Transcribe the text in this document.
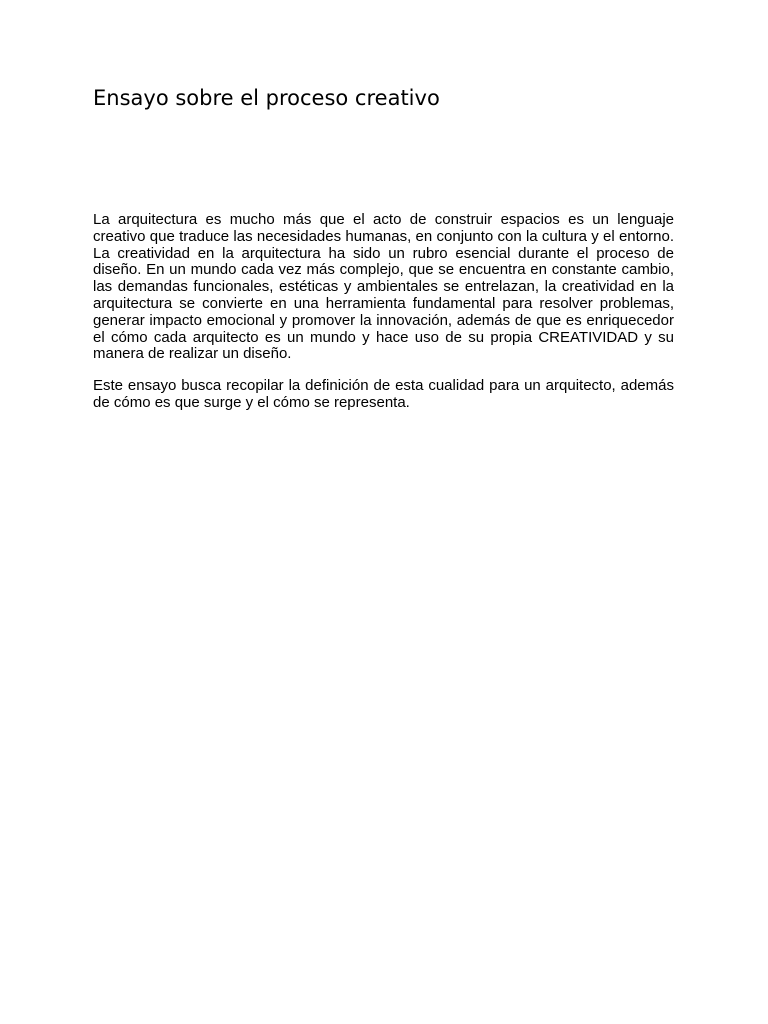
Ensayo sobre el proceso creativo

La arquitectura es mucho más que el acto de construir espacios es un lenguaje creativo que traduce las necesidades humanas, en conjunto con la cultura y el entorno. La creatividad en la arquitectura ha sido un rubro esencial durante el proceso de diseño. En un mundo cada vez más complejo, que se encuentra en constante cambio, las demandas funcionales, estéticas y ambientales se entrelazan, la creatividad en la arquitectura se convierte en una herramienta fundamental para resolver problemas, generar impacto emocional y promover la innovación, además de que es enriquecedor el cómo cada arquitecto es un mundo y hace uso de su propia CREATIVIDAD y su manera de realizar un diseño.

Este ensayo busca recopilar la definición de esta cualidad para un arquitecto, además de cómo es que surge y el cómo se representa.
